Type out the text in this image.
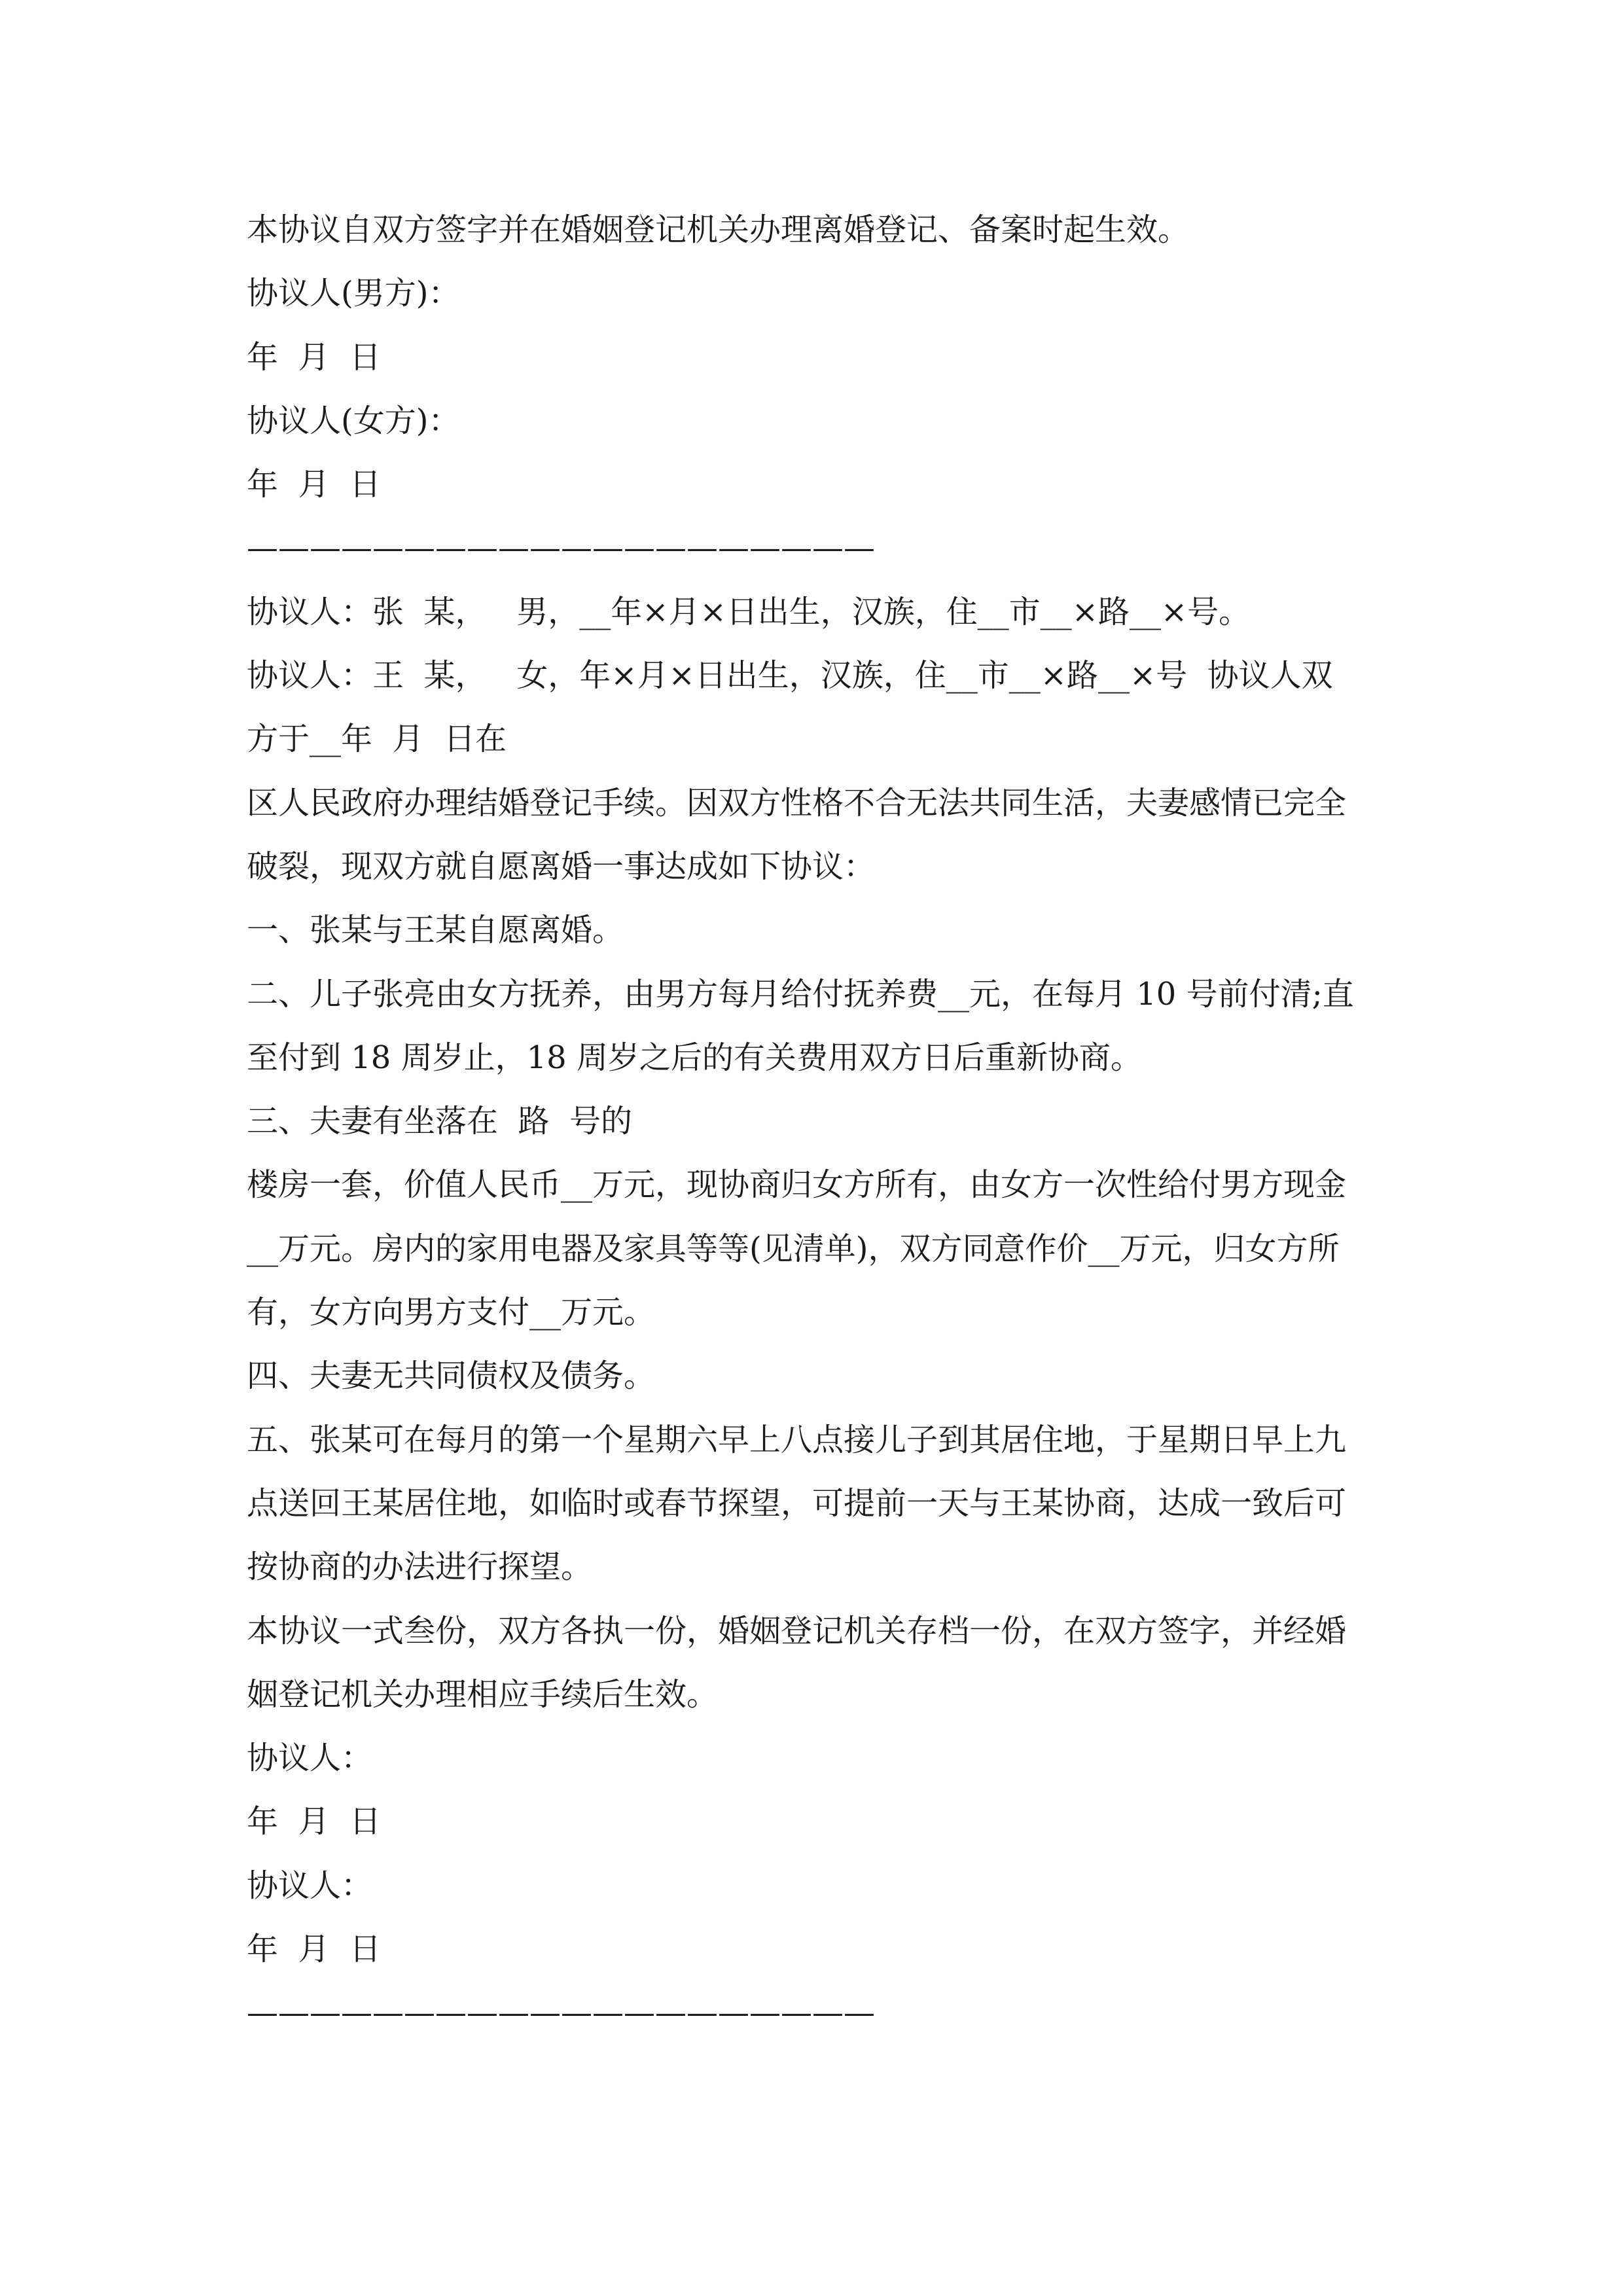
本协议自双方签字并在婚姻登记机关办理离婚登记、备案时起生效。
协议人(男方)：
年  月  日
协议人(女方)：
年  月  日
————————————————————
协议人：张  某，   男，__年×月×日出生，汉族，住__市__×路__×号。
协议人：王  某，   女，年×月×日出生，汉族，住__市__×路__×号  协议人双
方于__年  月  日在
区人民政府办理结婚登记手续。因双方性格不合无法共同生活，夫妻感情已完全
破裂，现双方就自愿离婚一事达成如下协议：
一、张某与王某自愿离婚。
二、儿子张亮由女方抚养，由男方每月给付抚养费__元，在每月 10 号前付清;直
至付到 18 周岁止，18 周岁之后的有关费用双方日后重新协商。
三、夫妻有坐落在  路  号的
楼房一套，价值人民币__万元，现协商归女方所有，由女方一次性给付男方现金
__万元。房内的家用电器及家具等等(见清单)，双方同意作价__万元，归女方所
有，女方向男方支付__万元。
四、夫妻无共同债权及债务。
五、张某可在每月的第一个星期六早上八点接儿子到其居住地，于星期日早上九
点送回王某居住地，如临时或春节探望，可提前一天与王某协商，达成一致后可
按协商的办法进行探望。
本协议一式叁份，双方各执一份，婚姻登记机关存档一份，在双方签字，并经婚
姻登记机关办理相应手续后生效。
协议人：
年  月  日
协议人：
年  月  日
————————————————————
